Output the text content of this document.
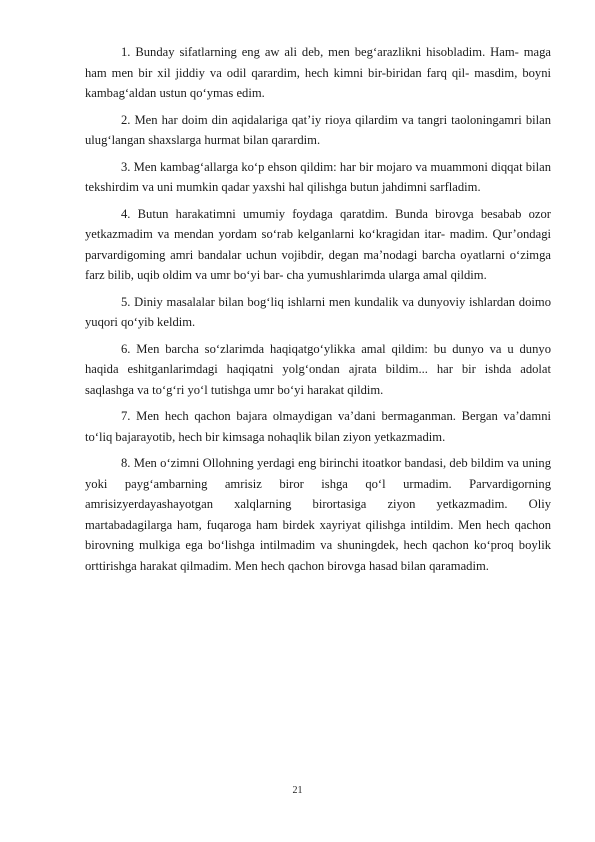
1. Bunday sifatlarning eng aw ali deb, men beg‘arazlikni hisobladim. Ham- maga ham men bir xil jiddiy va odil qarardim, hech kimni bir-biridan farq qil- masdim, boyni kambag‘aldan ustun qo‘ymas edim.

2. Men har doim din aqidalariga qat’iy rioya qilardim va tangri taoloningamri bilan ulug‘langan shaxslarga hurmat bilan qarardim.

3. Men kambag‘allarga ko‘p ehson qildim: har bir mojaro va muammoni diqqat bilan tekshirdim va uni mumkin qadar yaxshi hal qilishga butun jahdimni sarfladim.

4. Butun harakatimni umumiy foydaga qaratdim. Bunda birovga besabab ozor yetkazmadim va mendan yordam so‘rab kelganlarni ko‘kragidan itar- madim. Qur’ondagi parvardigoming amri bandalar uchun vojibdir, degan ma’nodagi barcha oyatlarni o‘zimga farz bilib, uqib oldim va umr bo‘yi bar- cha yumushlarimda ularga amal qildim.

5. Diniy masalalar bilan bog‘liq ishlarni men kundalik va dunyoviy ishlardan doimo yuqori qo‘yib keldim.

6. Men barcha so‘zlarimda haqiqatgo‘ylikka amal qildim: bu dunyo va u dunyo haqida eshitganlarimdagi haqiqatni yolg‘ondan ajrata bildim... har bir ishda adolat saqlashga va to‘g‘ri yo‘l tutishga umr bo‘yi harakat qildim.

7. Men hech qachon bajara olmaydigan va’dani bermaganman. Bergan va’damni to‘liq bajarayotib, hech bir kimsaga nohaqlik bilan ziyon yetkazmadim.

8. Men o‘zimni Ollohning yerdagi eng birinchi itoatkor bandasi, deb bildim va uning yoki payg‘ambarning amrisiz biror ishga qo‘l urmadim. Parvardigorning amrisizyerdayashayotgan xalqlarning birortasiga ziyon yetkazmadim. Oliy martabadagilarga ham, fuqaroga ham birdek xayriyat qilishga intildim. Men hech qachon birovning mulkiga ega bo‘lishga intilmadim va shuningdek, hech qachon ko‘proq boylik orttirishga harakat qilmadim. Men hech qachon birovga hasad bilan qaramadim.

21
